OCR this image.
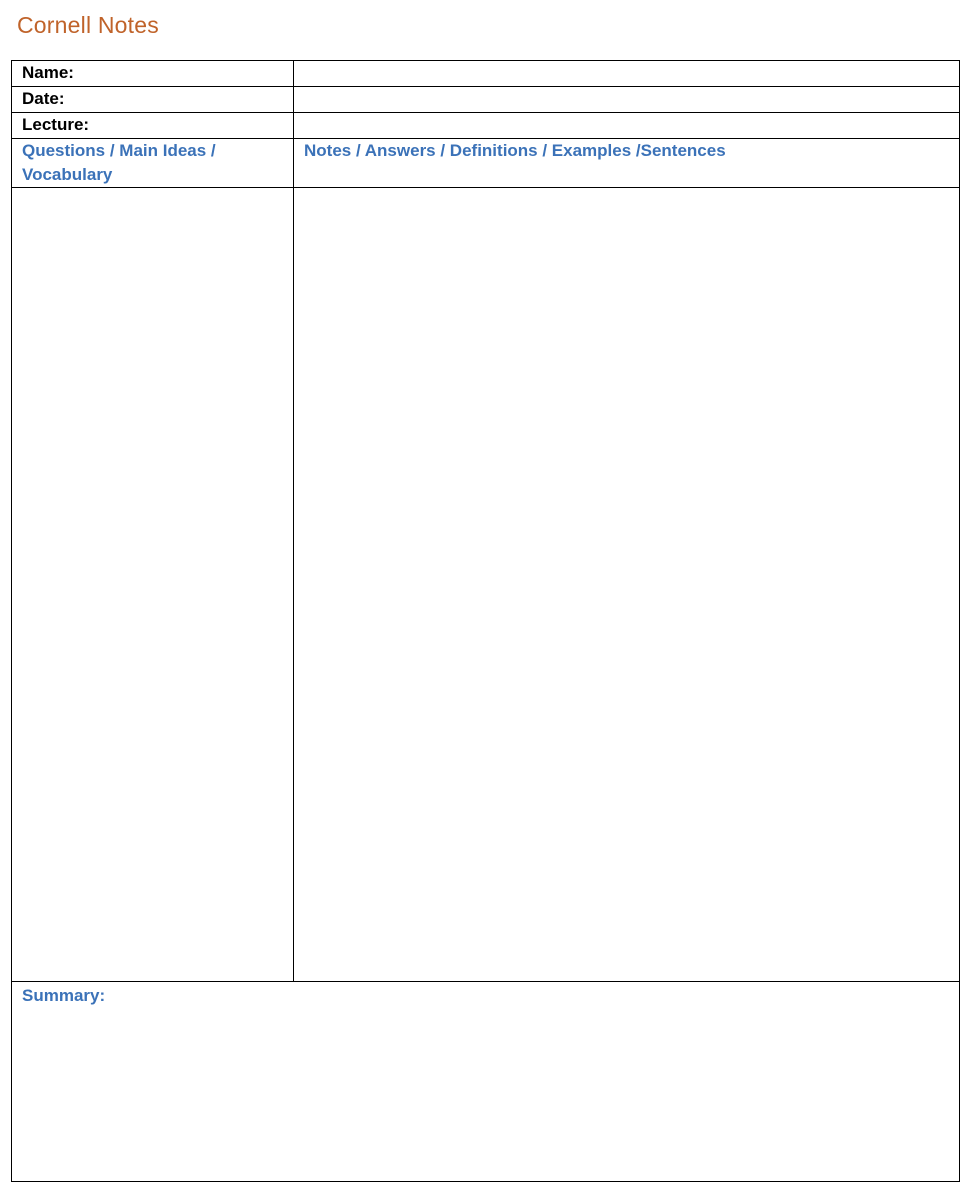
Cornell Notes
Name:	
Date:	
Lecture:	
Questions / Main Ideas / Vocabulary	Notes / Answers / Definitions / Examples /Sentences

Summary:	
